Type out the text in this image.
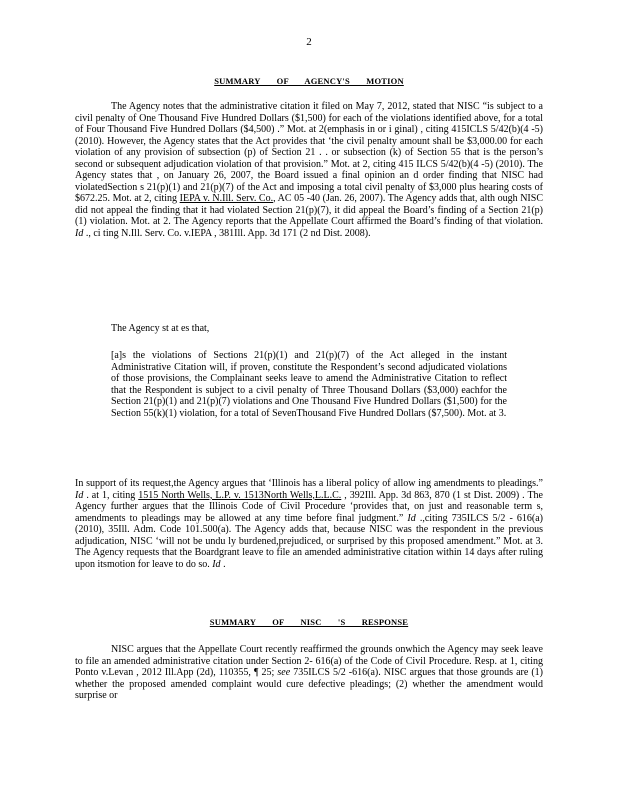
2
SUMMARY OF AGENCY'S MOTION

The Agency notes that the administrative citation it filed on May 7, 2012, stated that NISC “is subject to a civil penalty of One Thousand Five Hundred Dollars ($1,500) for each of the violations identified above, for a total of Four Thousand Five Hundred Dollars ($4,500) .” Mot. at 2(emphasis in or i ginal) , citing 415ICLS 5/42(b)(4 -5) (2010). However, the Agency states that the Act provides that ‘the civil penalty amount shall be $3,000.00 for each violation of any provision of subsection (p) of Section 21 . . or subsection (k) of Section 55 that is the person’s second or subsequent adjudication violation of that provision.” Mot. at 2, citing 415 ILCS 5/42(b)(4 -5) (2010). The Agency states that , on January 26, 2007, the Board issued a final opinion an d order finding that NISC had violatedSection s 21(p)(1) and 21(p)(7) of the Act and imposing a total civil penalty of $3,000 plus hearing costs of $672.25. Mot. at 2, citing IEPA v. N.Ill. Serv. Co., AC 05 -40 (Jan. 26, 2007). The Agency adds that, alth ough NISC did not appeal the finding that it had violated Section 21(p)(7), it did appeal the Board’s finding of a Section 21(p)(1) violation. Mot. at 2. The Agency reports that the Appellate Court affirmed the Board’s finding of that violation. Id ., ci ting N.Ill. Serv. Co. v.IEPA , 381Ill. App. 3d 171 (2 nd Dist. 2008).

The Agency st at es that,

[a]s the violations of Sections 21(p)(1) and 21(p)(7) of the Act alleged in the instant Administrative Citation will, if proven, constitute the Respondent’s second adjudicated violations of those provisions, the Complainant seeks leave to amend the Administrative Citation to reflect that the Respondent is subject to a civil penalty of Three Thousand Dollars ($3,000) eachfor the Section 21(p)(1) and 21(p)(7) violations and One Thousand Five Hundred Dollars ($1,500) for the Section 55(k)(1) violation, for a total of SevenThousand Five Hundred Dollars ($7,500). Mot. at 3.

In support of its request,the Agency argues that ‘Illinois has a liberal policy of allow ing amendments to pleadings.” Id . at 1, citing 1515 North Wells, L.P. v. 1513North Wells,L.L.C. , 392Ill. App. 3d 863, 870 (1 st Dist. 2009) . The Agency further argues that the Illinois Code of Civil Procedure ‘provides that, on just and reasonable term s, amendments to pleadings may be allowed at any time before final judgment.” Id .,citing 735ILCS 5/2 - 616(a) (2010), 35Ill. Adm. Code 101.500(a). The Agency adds that, because NISC was the respondent in the previous adjudication, NISC ‘will not be undu ly burdened,prejudiced, or surprised by this proposed amendment.” Mot. at 3. The Agency requests that the Boardgrant leave to file an amended administrative citation within 14 days after ruling upon itsmotion for leave to do so. Id .

SUMMARY OF NISC 'S RESPONSE

NISC argues that the Appellate Court recently reaffirmed the grounds onwhich the Agency may seek leave to file an amended administrative citation under Section 2- 616(a) of the Code of Civil Procedure. Resp. at 1, citing Ponto v.Levan , 2012 Ill.App (2d), 110355, ¶ 25; see 735ILCS 5/2 -616(a). NISC argues that those grounds are (1) whether the proposed amended complaint would cure defective pleadings; (2) whether the amendment would surprise or
